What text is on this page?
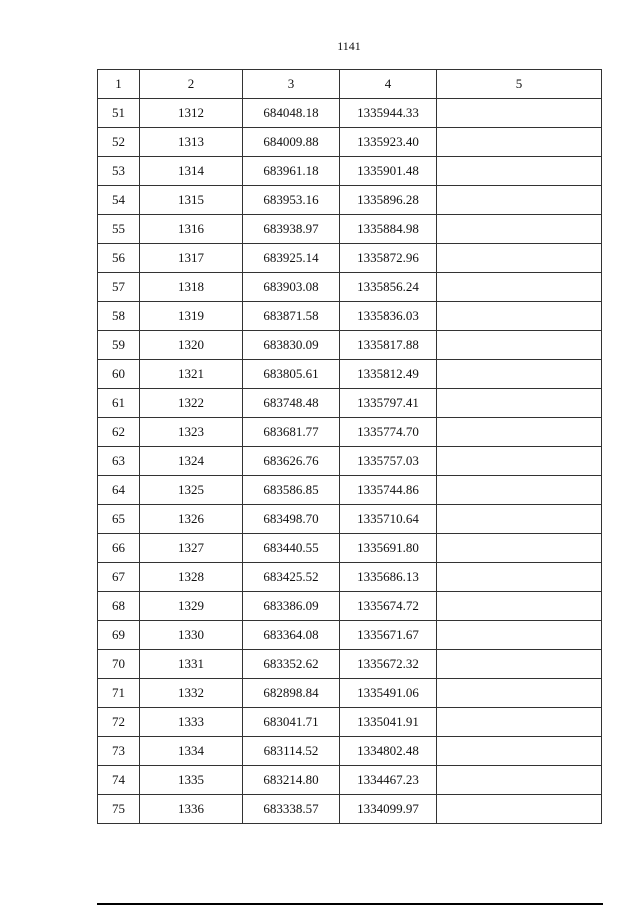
1141
1	2	3	4	5
51	1312	684048.18	1335944.33	
52	1313	684009.88	1335923.40	
53	1314	683961.18	1335901.48	
54	1315	683953.16	1335896.28	
55	1316	683938.97	1335884.98	
56	1317	683925.14	1335872.96	
57	1318	683903.08	1335856.24	
58	1319	683871.58	1335836.03	
59	1320	683830.09	1335817.88	
60	1321	683805.61	1335812.49	
61	1322	683748.48	1335797.41	
62	1323	683681.77	1335774.70	
63	1324	683626.76	1335757.03	
64	1325	683586.85	1335744.86	
65	1326	683498.70	1335710.64	
66	1327	683440.55	1335691.80	
67	1328	683425.52	1335686.13	
68	1329	683386.09	1335674.72	
69	1330	683364.08	1335671.67	
70	1331	683352.62	1335672.32	
71	1332	682898.84	1335491.06	
72	1333	683041.71	1335041.91	
73	1334	683114.52	1334802.48	
74	1335	683214.80	1334467.23	
75	1336	683338.57	1334099.97	
